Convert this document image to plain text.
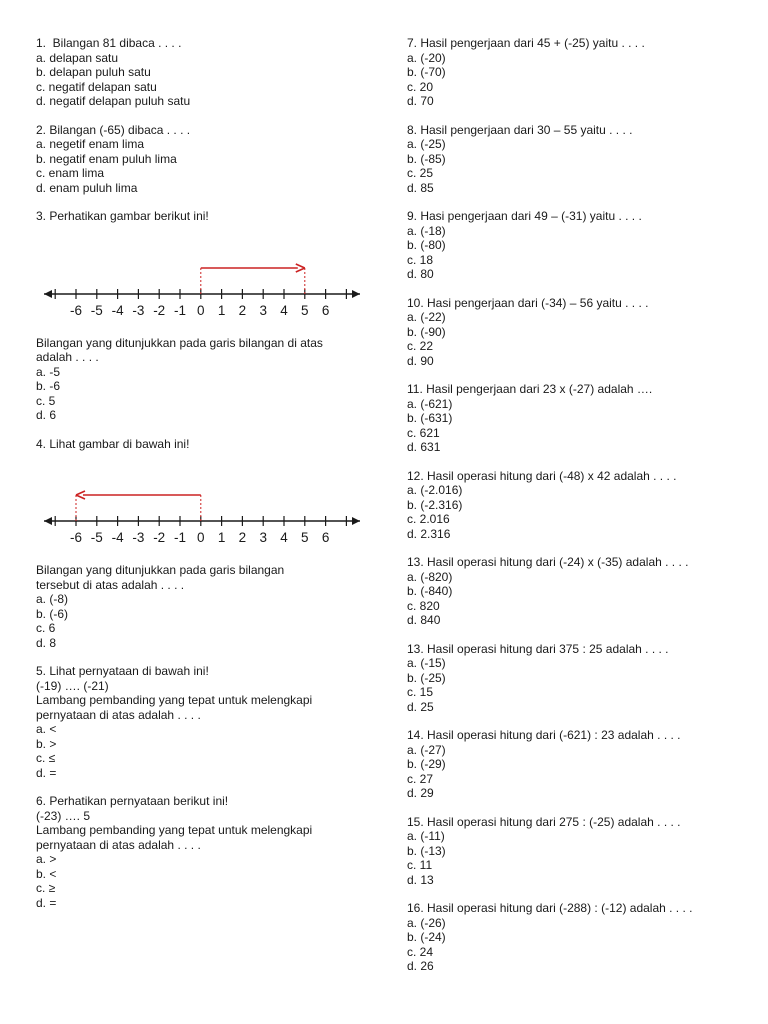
1.  Bilangan 81 dibaca . . . .
a. delapan satu
b. delapan puluh satu
c. negatif delapan satu
d. negatif delapan puluh satu
2. Bilangan (-65) dibaca . . . .
a. negetif enam lima
b. negatif enam puluh lima
c. enam lima
d. enam puluh lima
3. Perhatikan gambar berikut ini!
-6 -5 -4 -3 -2 -1 0 1 2 3 4 5 6
Bilangan yang ditunjukkan pada garis bilangan di atas
adalah . . . .
a. -5
b. -6
c. 5
d. 6
4. Lihat gambar di bawah ini!
-6 -5 -4 -3 -2 -1 0 1 2 3 4 5 6
Bilangan yang ditunjukkan pada garis bilangan
tersebut di atas adalah . . . .
a. (-8)
b. (-6)
c. 6
d. 8
5. Lihat pernyataan di bawah ini!
(-19) …. (-21)
Lambang pembanding yang tepat untuk melengkapi
pernyataan di atas adalah . . . .
a. <
b. >
c. ≤
d. =
6. Perhatikan pernyataan berikut ini!
(-23) …. 5
Lambang pembanding yang tepat untuk melengkapi
pernyataan di atas adalah . . . .
a. >
b. <
c. ≥
d. =
7. Hasil pengerjaan dari 45 + (-25) yaitu . . . .
a. (-20)
b. (-70)
c. 20
d. 70
8. Hasil pengerjaan dari 30 – 55 yaitu . . . .
a. (-25)
b. (-85)
c. 25
d. 85
9. Hasi pengerjaan dari 49 – (-31) yaitu . . . .
a. (-18)
b. (-80)
c. 18
d. 80
10. Hasi pengerjaan dari (-34) – 56 yaitu . . . .
a. (-22)
b. (-90)
c. 22
d. 90
11. Hasil pengerjaan dari 23 x (-27) adalah ….
a. (-621)
b. (-631)
c. 621
d. 631
12. Hasil operasi hitung dari (-48) x 42 adalah . . . .
a. (-2.016)
b. (-2.316)
c. 2.016
d. 2.316
13. Hasil operasi hitung dari (-24) x (-35) adalah . . . .
a. (-820)
b. (-840)
c. 820
d. 840
13. Hasil operasi hitung dari 375 : 25 adalah . . . .
a. (-15)
b. (-25)
c. 15
d. 25
14. Hasil operasi hitung dari (-621) : 23 adalah . . . .
a. (-27)
b. (-29)
c. 27
d. 29
15. Hasil operasi hitung dari 275 : (-25) adalah . . . .
a. (-11)
b. (-13)
c. 11
d. 13
16. Hasil operasi hitung dari (-288) : (-12) adalah . . . .
a. (-26)
b. (-24)
c. 24
d. 26
